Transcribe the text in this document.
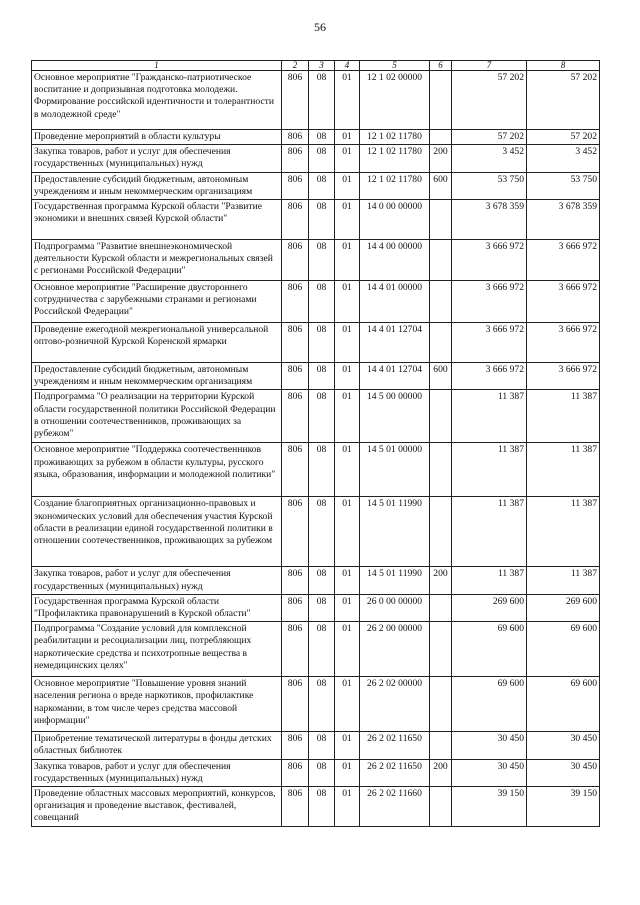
56
1	2	3	4	5	6	7	8
Основное мероприятие "Гражданско-патриотическое воспитание и допризывная подготовка молодежи. Формирование российской идентичности и толерантности в молодежной среде"	806	08	01	12 1 02 00000		57 202	57 202
Проведение мероприятий в области культуры	806	08	01	12 1 02 11780		57 202	57 202
Закупка товаров, работ и услуг для обеспечения государственных (муниципальных) нужд	806	08	01	12 1 02 11780	200	3 452	3 452
Предоставление субсидий бюджетным, автономным учреждениям и иным некоммерческим организациям	806	08	01	12 1 02 11780	600	53 750	53 750
Государственная программа Курской области "Развитие экономики и внешних связей Курской области"	806	08	01	14 0 00 00000		3 678 359	3 678 359
Подпрограмма "Развитие внешнеэкономической деятельности Курской области и межрегиональных связей с регионами Российской Федерации"	806	08	01	14 4 00 00000		3 666 972	3 666 972
Основное мероприятие "Расширение двустороннего сотрудничества с зарубежными странами и регионами Российской Федерации"	806	08	01	14 4 01 00000		3 666 972	3 666 972
Проведение ежегодной межрегиональной универсальной оптово-розничной Курской Коренской ярмарки	806	08	01	14 4 01 12704		3 666 972	3 666 972
Предоставление субсидий бюджетным, автономным учреждениям и иным некоммерческим организациям	806	08	01	14 4 01 12704	600	3 666 972	3 666 972
Подпрограмма "О реализации на территории Курской области государственной политики Российской Федерации в отношении соотечественников, проживающих за рубежом"	806	08	01	14 5 00 00000		11 387	11 387
Основное мероприятие "Поддержка соотечественников проживающих за рубежом в области культуры, русского языка, образования, информации и молодежной политики"	806	08	01	14 5 01 00000		11 387	11 387
Создание благоприятных организационно-правовых и экономических условий для обеспечения участия Курской области в реализации единой государственной политики в отношении соотечественников, проживающих за рубежом	806	08	01	14 5 01 11990		11 387	11 387
Закупка товаров, работ и услуг для обеспечения государственных (муниципальных) нужд	806	08	01	14 5 01 11990	200	11 387	11 387
Государственная программа Курской области "Профилактика правонарушений в Курской области"	806	08	01	26 0 00 00000		269 600	269 600
Подпрограмма "Создание условий для комплексной реабилитации и ресоциализации лиц, потребляющих наркотические средства и психотропные вещества в немедицинских целях"	806	08	01	26 2 00 00000		69 600	69 600
Основное мероприятие "Повышение уровня знаний населения региона о вреде наркотиков, профилактике наркомании, в том числе через средства массовой информации"	806	08	01	26 2 02 00000		69 600	69 600
Приобретение тематической литературы в фонды детских областных библиотек	806	08	01	26 2 02 11650		30 450	30 450
Закупка товаров, работ и услуг для обеспечения государственных (муниципальных) нужд	806	08	01	26 2 02 11650	200	30 450	30 450
Проведение областных массовых мероприятий, конкурсов, организация и проведение выставок, фестивалей, совещаний	806	08	01	26 2 02 11660		39 150	39 150
